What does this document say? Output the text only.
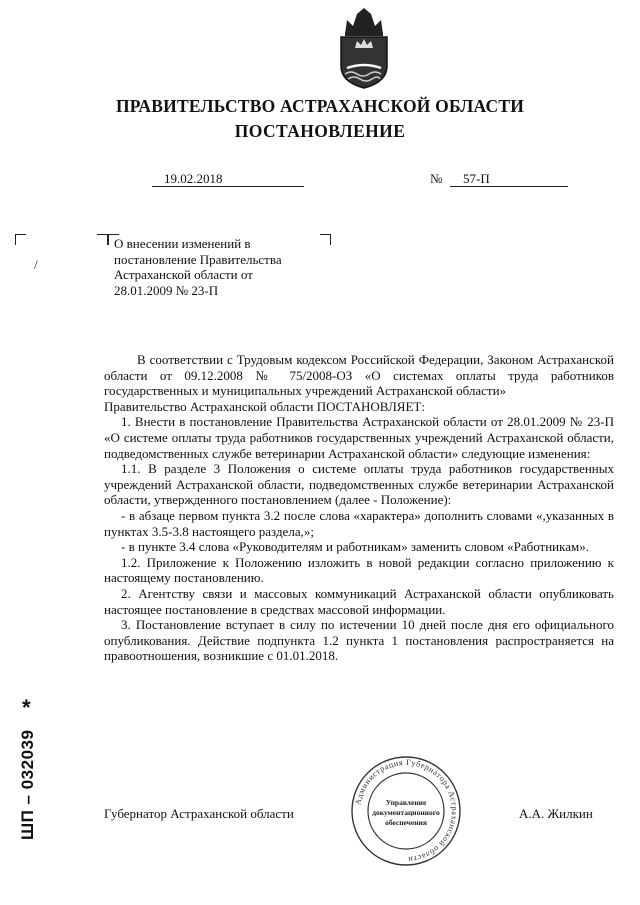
ПРАВИТЕЛЬСТВО АСТРАХАНСКОЙ ОБЛАСТИ
ПОСТАНОВЛЕНИЕ
19.02.2018	№	57-П
/
О внесении изменений в
постановление Правительства
Астраханской области от
28.01.2009 № 23-П

В соответствии с Трудовым кодексом Российской Федерации, Законом Астраханской области от 09.12.2008 № 75/2008-ОЗ «О системах оплаты труда работников государственных и муниципальных учреждений Астраханской области»

Правительство Астраханской области ПОСТАНОВЛЯЕТ:

1. Внести в постановление Правительства Астраханской области от 28.01.2009 № 23-П «О системе оплаты труда работников государственных учреждений Астраханской области, подведомственных службе ветеринарии Астраханской области» следующие изменения:

1.1. В разделе 3 Положения о системе оплаты труда работников государственных учреждений Астраханской области, подведомственных службе ветеринарии Астраханской области, утвержденного постановлением (далее - Положение):

- в абзаце первом пункта 3.2 после слова «характера» дополнить словами «,указанных в пунктах 3.5-3.8 настоящего раздела,»;

- в пункте 3.4 слова «Руководителям и работникам» заменить словом «Работникам».

1.2. Приложение к Положению изложить в новой редакции согласно приложению к настоящему постановлению.

2. Агентству связи и массовых коммуникаций Астраханской области опубликовать настоящее постановление в средствах массовой информации.

3. Постановление вступает в силу по истечении 10 дней после дня его официального опубликования. Действие подпункта 1.2 пункта 1 постановления распространяется на правоотношения, возникшие с 01.01.2018.

Губернатор Астраханской области	А.А. Жилкин
Администрация Губернатора Астраханской области
Управление
документационного
обеспечения
*
ШП – 032039
